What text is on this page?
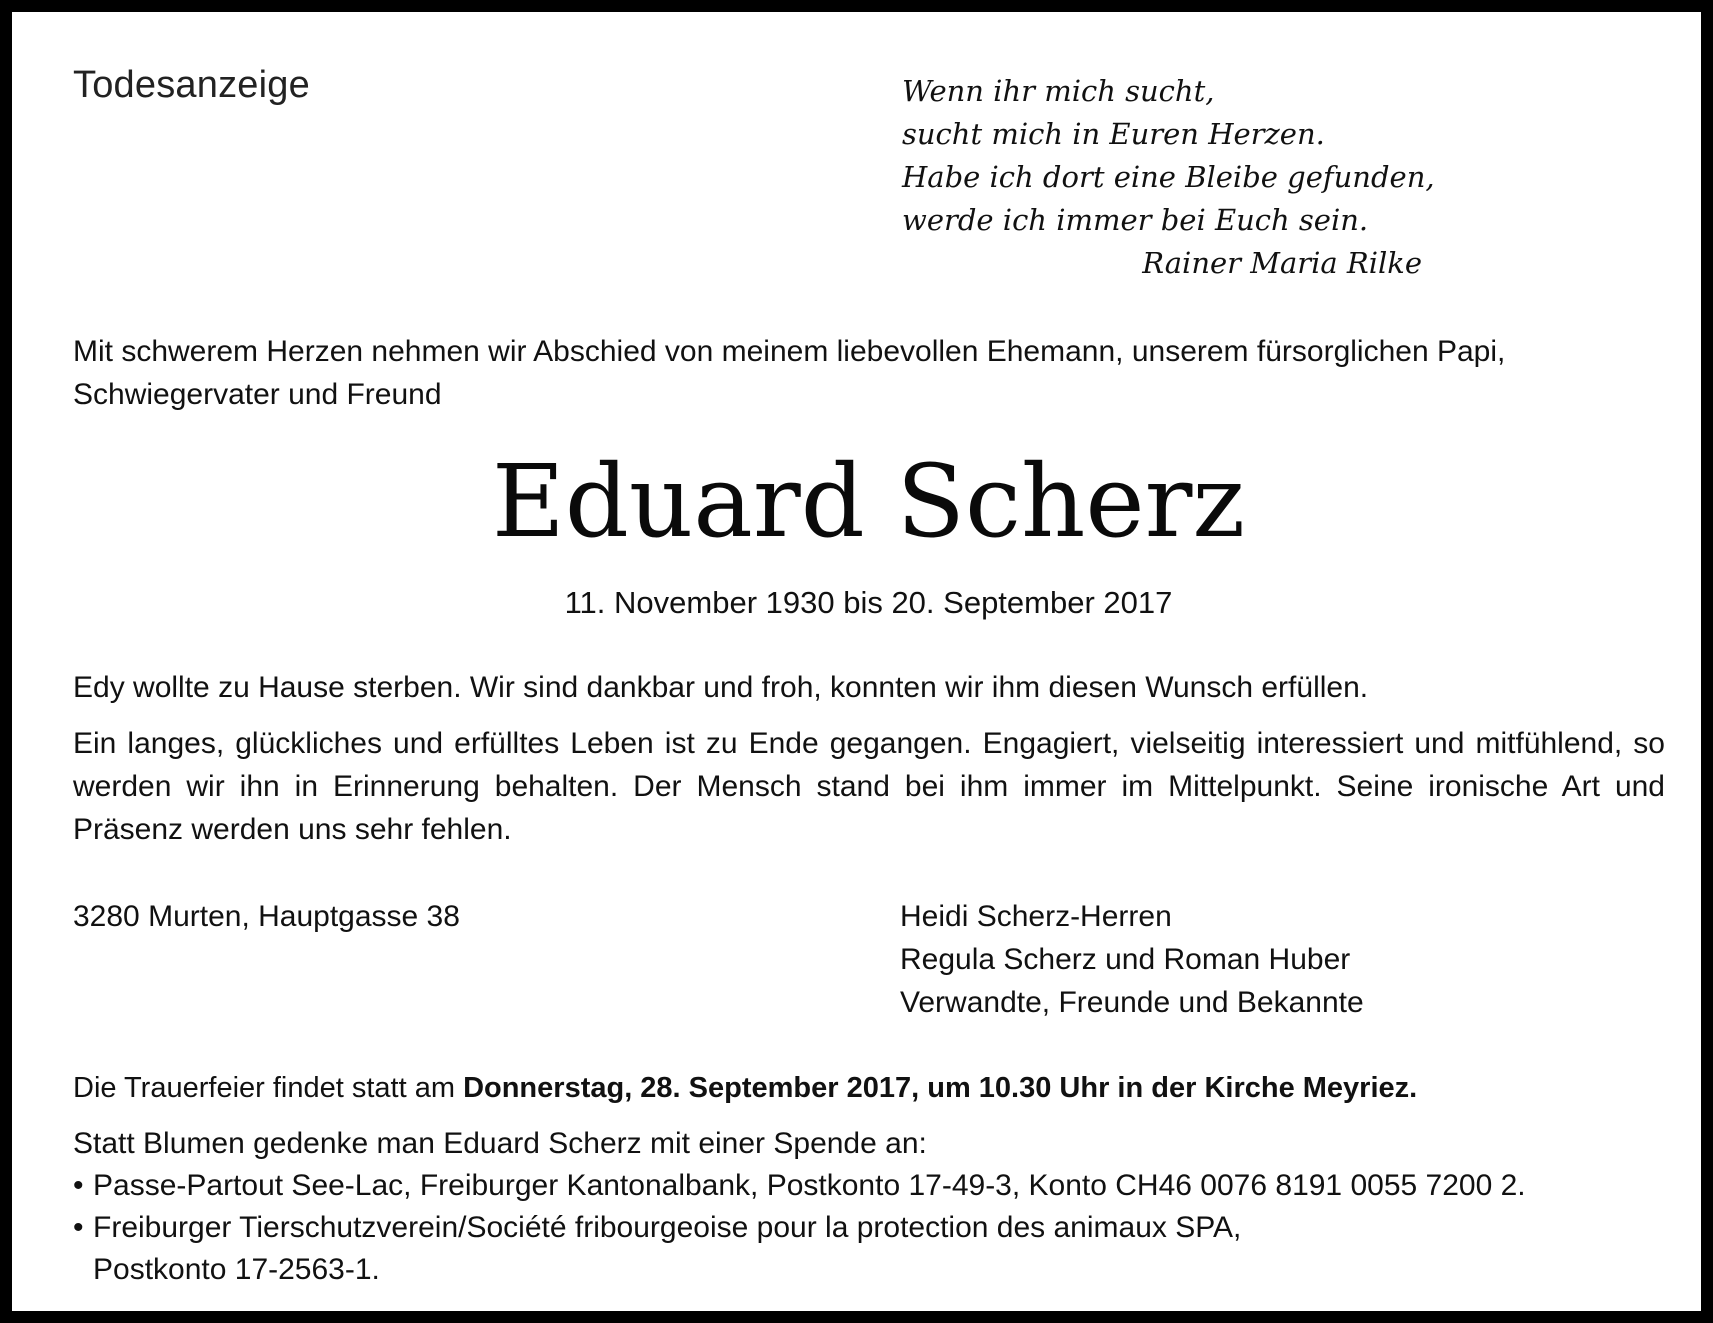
Todesanzeige	Wenn ihr mich sucht,
sucht mich in Euren Herzen.
Habe ich dort eine Bleibe gefunden,
werde ich immer bei Euch sein.
Rainer Maria Rilke
Mit schwerem Herzen nehmen wir Abschied von meinem liebevollen Ehemann, unserem fürsorglichen Papi,
Schwiegervater und Freund
Eduard Scherz

11. November 1930 bis 20. September 2017

Edy wollte zu Hause sterben. Wir sind dankbar und froh, konnten wir ihm diesen Wunsch erfüllen.

Ein langes, glückliches und erfülltes Leben ist zu Ende gegangen. Engagiert, vielseitig interessiert und mitfühlend, so werden wir ihn in Erinnerung behalten. Der Mensch stand bei ihm immer im Mittelpunkt. Seine ironische Art und Präsenz werden uns sehr fehlen.

3280 Murten, Hauptgasse 38	Heidi Scherz-Herren
Regula Scherz und Roman Huber
Verwandte, Freunde und Bekannte

Die Trauerfeier findet statt am Donnerstag, 28. September 2017, um 10.30 Uhr in der Kirche Meyriez.

Statt Blumen gedenke man Eduard Scherz mit einer Spende an:
• Passe-Partout See-Lac, Freiburger Kantonalbank, Postkonto 17-49-3, Konto CH46 0076 8191 0055 7200 2.
• Freiburger Tierschutzverein/Société fribourgeoise pour la protection des animaux SPA,
Postkonto 17-2563-1.
